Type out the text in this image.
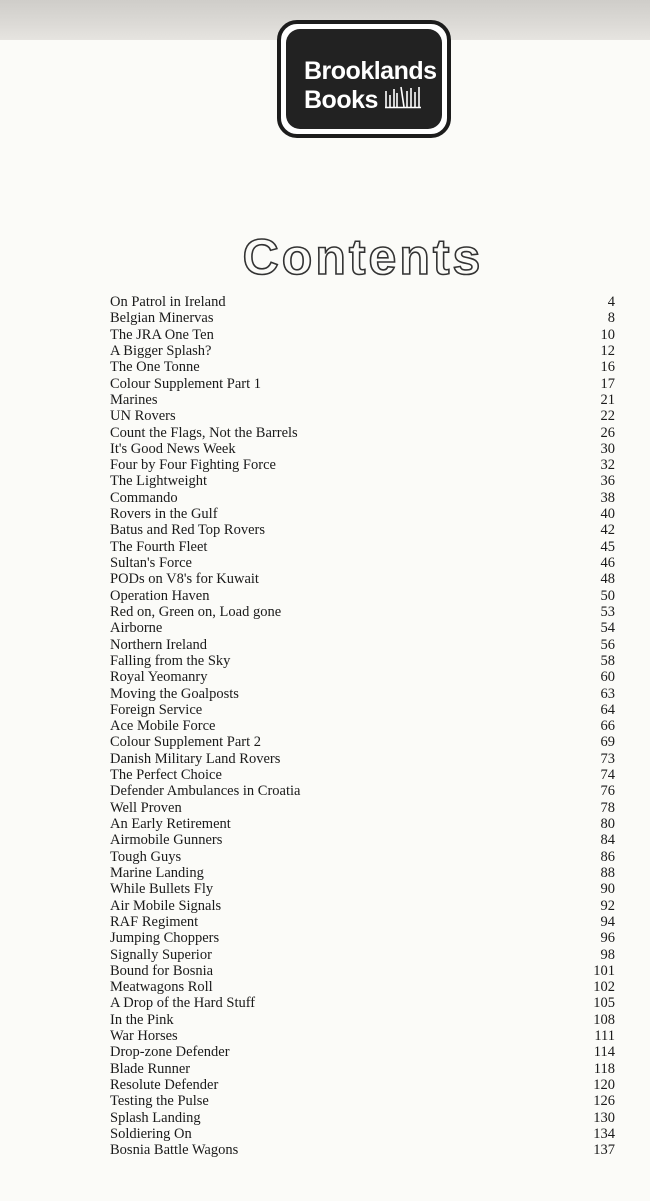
Brooklands
Books
Contents
On Patrol in Ireland	4
Belgian Minervas	8
The JRA One Ten	10
A Bigger Splash?	12
The One Tonne	16
Colour Supplement Part 1	17
Marines	21
UN Rovers	22
Count the Flags, Not the Barrels	26
It's Good News Week	30
Four by Four Fighting Force	32
The Lightweight	36
Commando	38
Rovers in the Gulf	40
Batus and Red Top Rovers	42
The Fourth Fleet	45
Sultan's Force	46
PODs on V8's for Kuwait	48
Operation Haven	50
Red on, Green on, Load gone	53
Airborne	54
Northern Ireland	56
Falling from the Sky	58
Royal Yeomanry	60
Moving the Goalposts	63
Foreign Service	64
Ace Mobile Force	66
Colour Supplement Part 2	69
Danish Military Land Rovers	73
The Perfect Choice	74
Defender Ambulances in Croatia	76
Well Proven	78
An Early Retirement	80
Airmobile Gunners	84
Tough Guys	86
Marine Landing	88
While Bullets Fly	90
Air Mobile Signals	92
RAF Regiment	94
Jumping Choppers	96
Signally Superior	98
Bound for Bosnia	101
Meatwagons Roll	102
A Drop of the Hard Stuff	105
In the Pink	108
War Horses	111
Drop-zone Defender	114
Blade Runner	118
Resolute Defender	120
Testing the Pulse	126
Splash Landing	130
Soldiering On	134
Bosnia Battle Wagons	137
